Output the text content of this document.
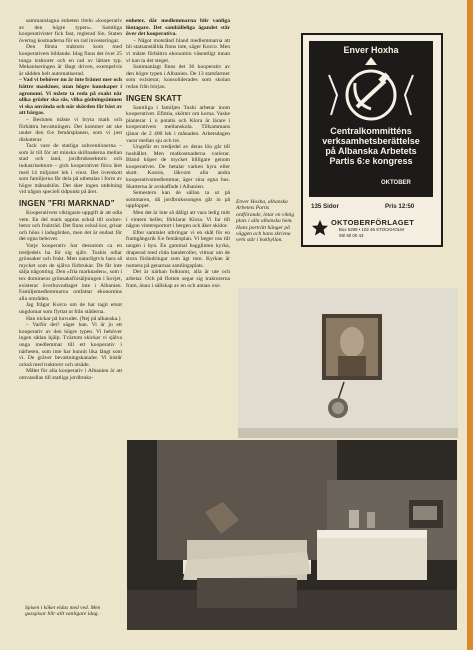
sammanslagna enheten titeln »kooperativ av den högre typen«. Samtliga kooperativister fick fast, reglerad lön. Staten övertog kostnaderna för en rad investeringar.

Den första traktorn kom med kooperativets bildande. Idag finns det över 25 tunga traktorer och en rad av lättare typ. Mekaniseringen är långt driven, exempelvis är sådden helt automatiserad.

– Vad vi behöver nu är inte främst mer och bättre maskiner, utan högre kunskaper i agronomi. Vi måste ta reda på exakt när olika grödor ska sås, vilka gödningsämnen vi ska använda och när skörden får bäst av att bärgas.

– Besluten måste vi bryta mark och förbättra bevattningen. Det kommer att ske under den 6:e femårsplanen, som vi just diskuterar.

Tack vare de statliga subventionerna – som är till för att minska skillnaderna mellan stad och land, jordbrukssektorn och industrisektorn – gick kooperativet förra året med 14 miljoner lek i vinst. Det överskott som familjerna får dela på utbetalas i form av högre månadslön. Det sker ingen utdelning vid någon speciell tidpunkt på året.

INGEN ”FRI MARKNAD”

Kooperativets viktigaste uppgift är att odla vete. En del mark upptas också till socker-betor och frukträd. Det finns också kor, grisar och höns i ladugården, men det är endast för det egna behovet.

Varje kooperativ har dessutom ca en tredjedels ha för sig själv. Tushis odlar grönsaker och frukt. Men naturligtvis hara så mycket som de själva förbrukar. De får inte sälja någonting. Den »fria marknaden«, som i tex dominerar grönsaksförsäljningen i Sovjet, existerar överhuvudtaget inte i Albanien. Familjemedlemmarna omfattar ekonomins alla områden.

Jag frågar Korco om de har tagit emot ungdomar som flyttat ut från städerna.

Han nickar på huvudet. (Nej på albanska.)

– Varför det? säger han. Vi är ju ett kooperativ av den högre typen. Vi behöver ingen sådan hjälp. Tvärtom skickar vi själva unga medlemmar till ett kooperativ i närheten, som inte har hunnit lika långt som vi. De gräver bevattningskanaler. Vi bistår också med traktorer och utsäde.

Målet för alla kooperativ i Albanien är att omvandlas till statliga jordbruks-

enheter, där medlemmarna blir vanliga löntagare. Det samhälleliga ägandet står över det kooperativa.

– Något motstånd bland medlemmarna att bli statsanställda finns inte, säger Korco. Men vi måste förbättra ekonomin väsentligt innan vi kan ta det steget.

Sammanlagt finns det 36 kooperativ av den högre typen i Albanien. De 13 statsfarmer som existerar, konsoliderades som skolan redan från början.

INGEN SKATT

Samtliga i familjen Tushi arbetar inom kooperativet. Efimia, skötter om korna. Vaske planterar 1 n potatis och Klora är lärare i kooperativets mellanskola. Tillsammans tjänar de 2 400 lek i månaden. Arbetsdagen varar mellan sju och tre.

Ungefär en tredjedel av deras lön går till hushållet. Men matkostnaderna varierar. Bland köper de mycket billigare genom kooperativet. De betalar varken hyra eller skatt. Kosnis, läkvom alla andra kooperativsmedlemmar, äger sina egna hus. Skatterna är avskaffade i Albanien.

Semestern kan de sällan ta ut på sommaren, då jordbrukssongen går in på uppfoppet.

Men det är inte så dåligt att vara ledig mitt i vintern heller, förklarar Klora. Vi far till någon vintersportort i bergen och åker skidor.

Efter samtalet utbringar vi en skål för en framgångsrik 6:e femårsplan. Vi beger oss till tangen i byn. En gammal bagglinten kyrka, draperad med röda banderoller, vittnar om de stora förändringar som ägt rum. Kyrkan är numera på genarnas samlingsplats.

Det är närhan folktomt, alla är ute och arbetar. Och på flotten segar sig traktorerna fram, ännu i sällskap av en och annan oxe.

Enver Hoxha, albanska Arbetets Partis ordförande, intar en viktig plats i alla albanska hem. Hans porträtt hänger på väggen och hans skrivna verk står i bokhyllan.
Enver Hoxha
Centralkommitténs verksamhetsberättelse på Albanska Arbetets Partis 6:e kongress
OKTOBER
135 Sidor	Pris 12:50
OKTOBERFÖRLAGET
Box 5298 • 102 46 STOCKHOLM
08/ 60 00 43
Spisen i köket eldas med ved. Men gasspisar blir allt vanligare idag.
